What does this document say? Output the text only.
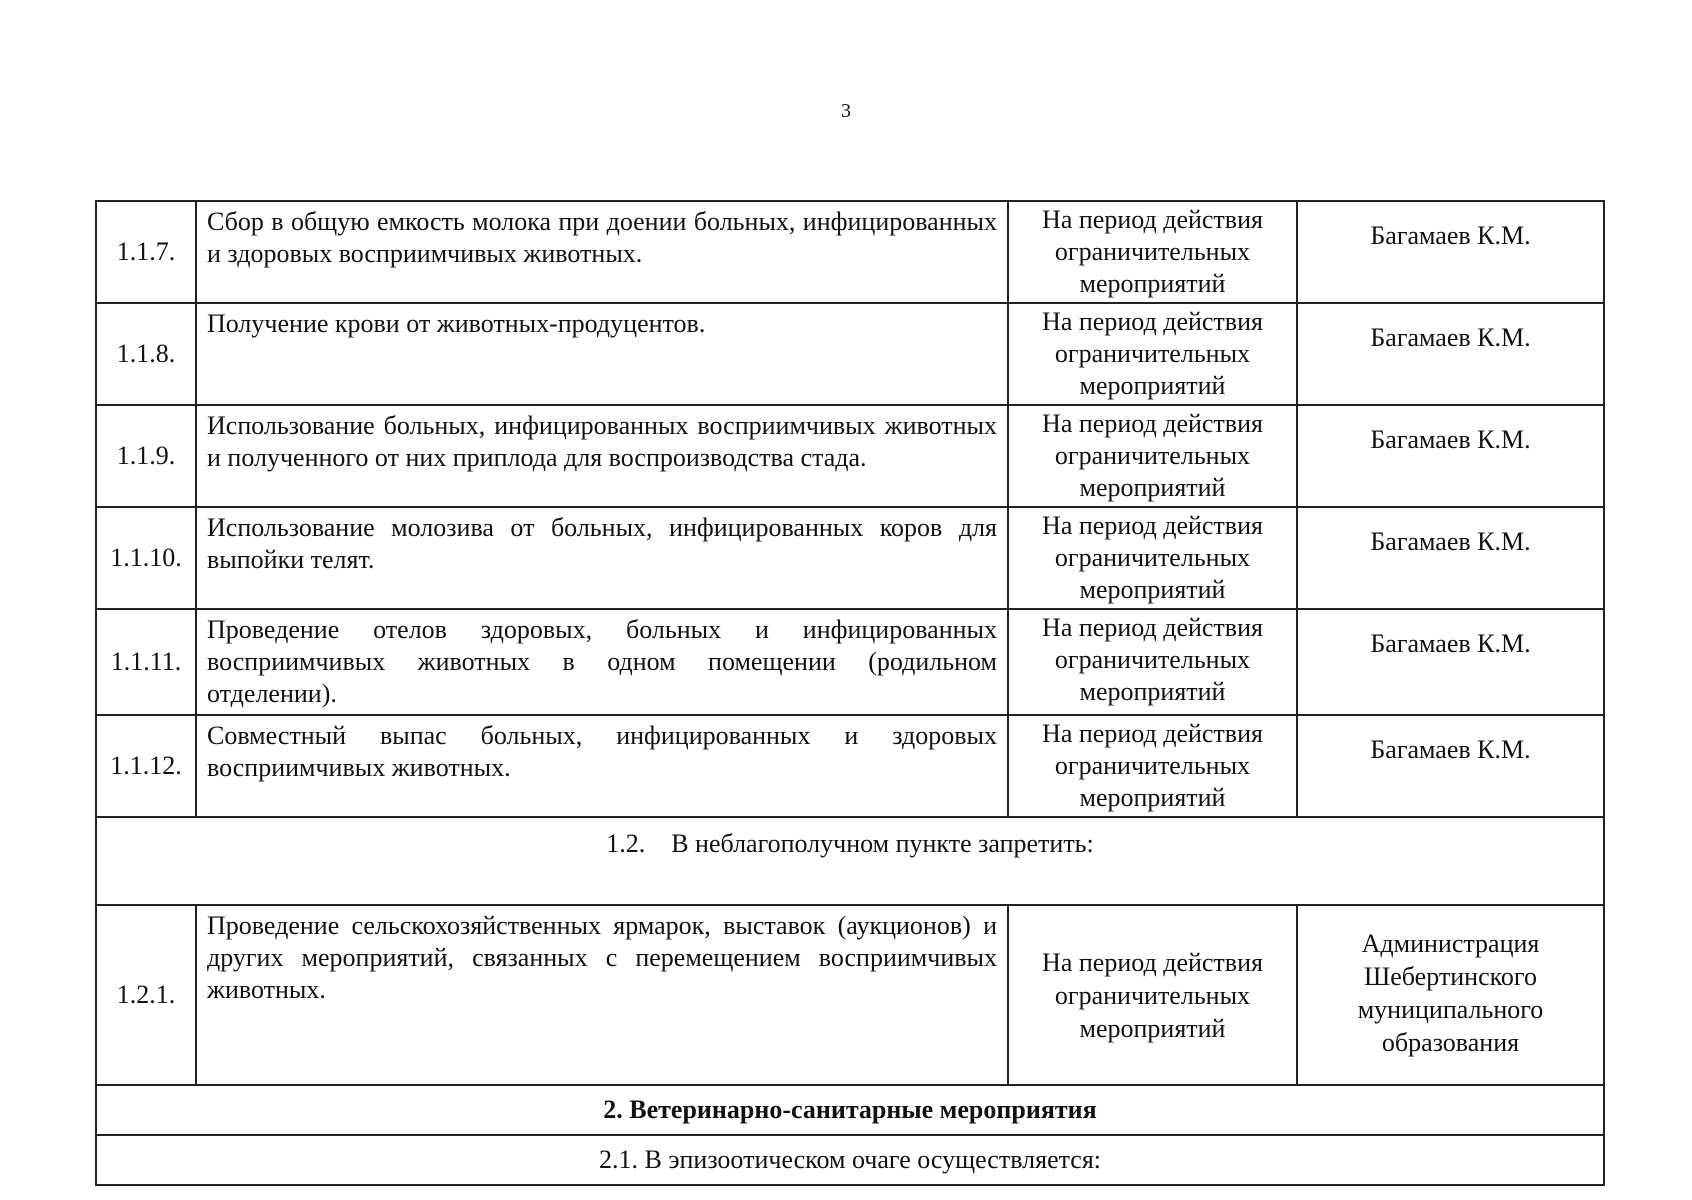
3
1.1.7.	Сбор в общую емкость молока при доении больных, инфицированных и здоровых восприимчивых животных.	На период действия ограничительных мероприятий	Багамаев К.М.
1.1.8.	Получение крови от животных-продуцентов.	На период действия ограничительных мероприятий	Багамаев К.М.
1.1.9.	Использование больных, инфицированных восприимчивых животных и полученного от них приплода для воспроизводства стада.	На период действия ограничительных мероприятий	Багамаев К.М.
1.1.10.	Использование молозива от больных, инфицированных коров для выпойки телят.	На период действия ограничительных мероприятий	Багамаев К.М.
1.1.11.	Проведение отелов здоровых, больных и инфицированных восприимчивых животных в одном помещении (родильном отделении).	На период действия ограничительных мероприятий	Багамаев К.М.
1.1.12.	Совместный выпас больных, инфицированных и здоровых восприимчивых животных.	На период действия ограничительных мероприятий	Багамаев К.М.
1.2.    В неблагополучном пункте запретить:			
1.2.1.	Проведение сельскохозяйственных ярмарок, выставок (аукционов) и других мероприятий, связанных с перемещением восприимчивых животных.	На период действия ограничительных мероприятий	Администрация Шебертинского муниципального образования
2. Ветеринарно-санитарные мероприятия			
2.1. В эпизоотическом очаге осуществляется:			
